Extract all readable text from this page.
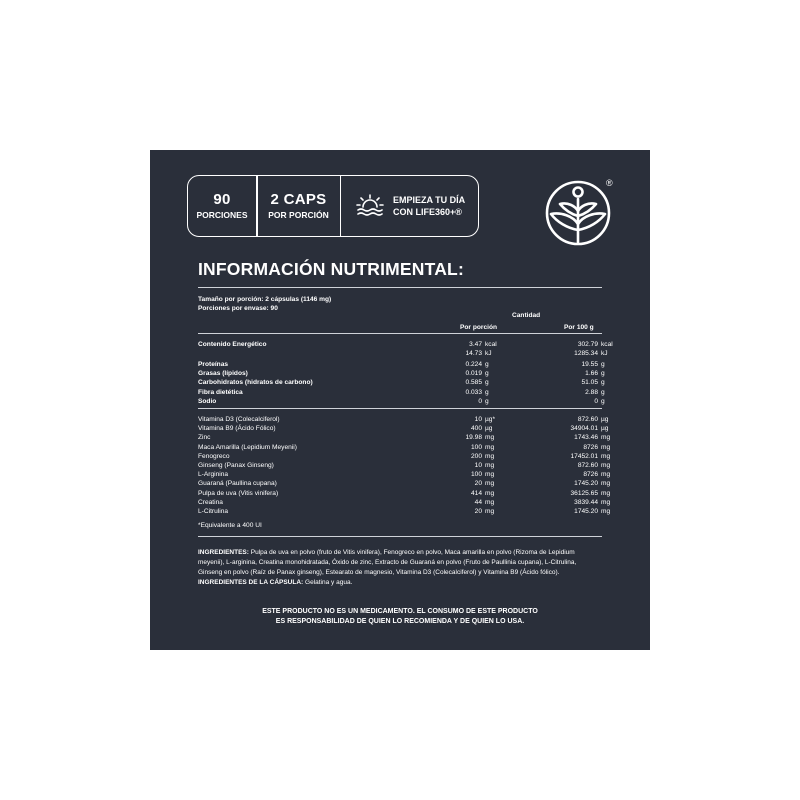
90
PORCIONES
2 CAPS
POR PORCIÓN
EMPIEZA TU DÍA
CON LIFE360+®
®
INFORMACIÓN NUTRIMENTAL:
Tamaño por porción: 2 cápsulas (1146 mg)
Porciones por envase: 90
Cantidad
Por porción	Por 100 g
Contenido Energético	3.47 kcal	302.79 kcal
14.73 kJ	1285.34 kJ
Proteínas	0.224 g	19.55 g
Grasas (lípidos)	0.019 g	1.66 g
Carbohidratos (hidratos de carbono)	0.585 g	51.05 g
Fibra dietética	0.033 g	2.88 g
Sodio	0 g	0 g
Vitamina D3 (Colecalciferol)	10 µg*	872.60 µg
Vitamina B9 (Ácido Fólico)	400 µg	34904.01 µg
Zinc	19.98 mg	1743.46 mg
Maca Amarilla (Lepidium Meyenii)	100 mg	8726 mg
Fenogreco	200 mg	17452.01 mg
Ginseng (Panax Ginseng)	10 mg	872.60 mg
L-Arginina	100 mg	8726 mg
Guaraná (Paullina cupana)	20 mg	1745.20 mg
Pulpa de uva (Vitis vinifera)	414 mg	36125.65 mg
Creatina	44 mg	3839.44 mg
L-Citrulina	20 mg	1745.20 mg
*Equivalente a 400 UI
INGREDIENTES: Pulpa de uva en polvo (fruto de Vitis vinifera), Fenogreco en polvo, Maca amarilla en polvo (Rizoma de Lepidium meyenii), L-arginina, Creatina monohidratada, Óxido de zinc, Extracto de Guaraná en polvo (Fruto de Paullinia cupana), L-Citrulina, Ginseng en polvo (Raíz de Panax ginseng), Estearato de magnesio, Vitamina D3 (Colecalciferol) y Vitamina B9 (Ácido fólico).
INGREDIENTES DE LA CÁPSULA: Gelatina y agua.
ESTE PRODUCTO NO ES UN MEDICAMENTO. EL CONSUMO DE ESTE PRODUCTO
ES RESPONSABILIDAD DE QUIEN LO RECOMIENDA Y DE QUIEN LO USA.
